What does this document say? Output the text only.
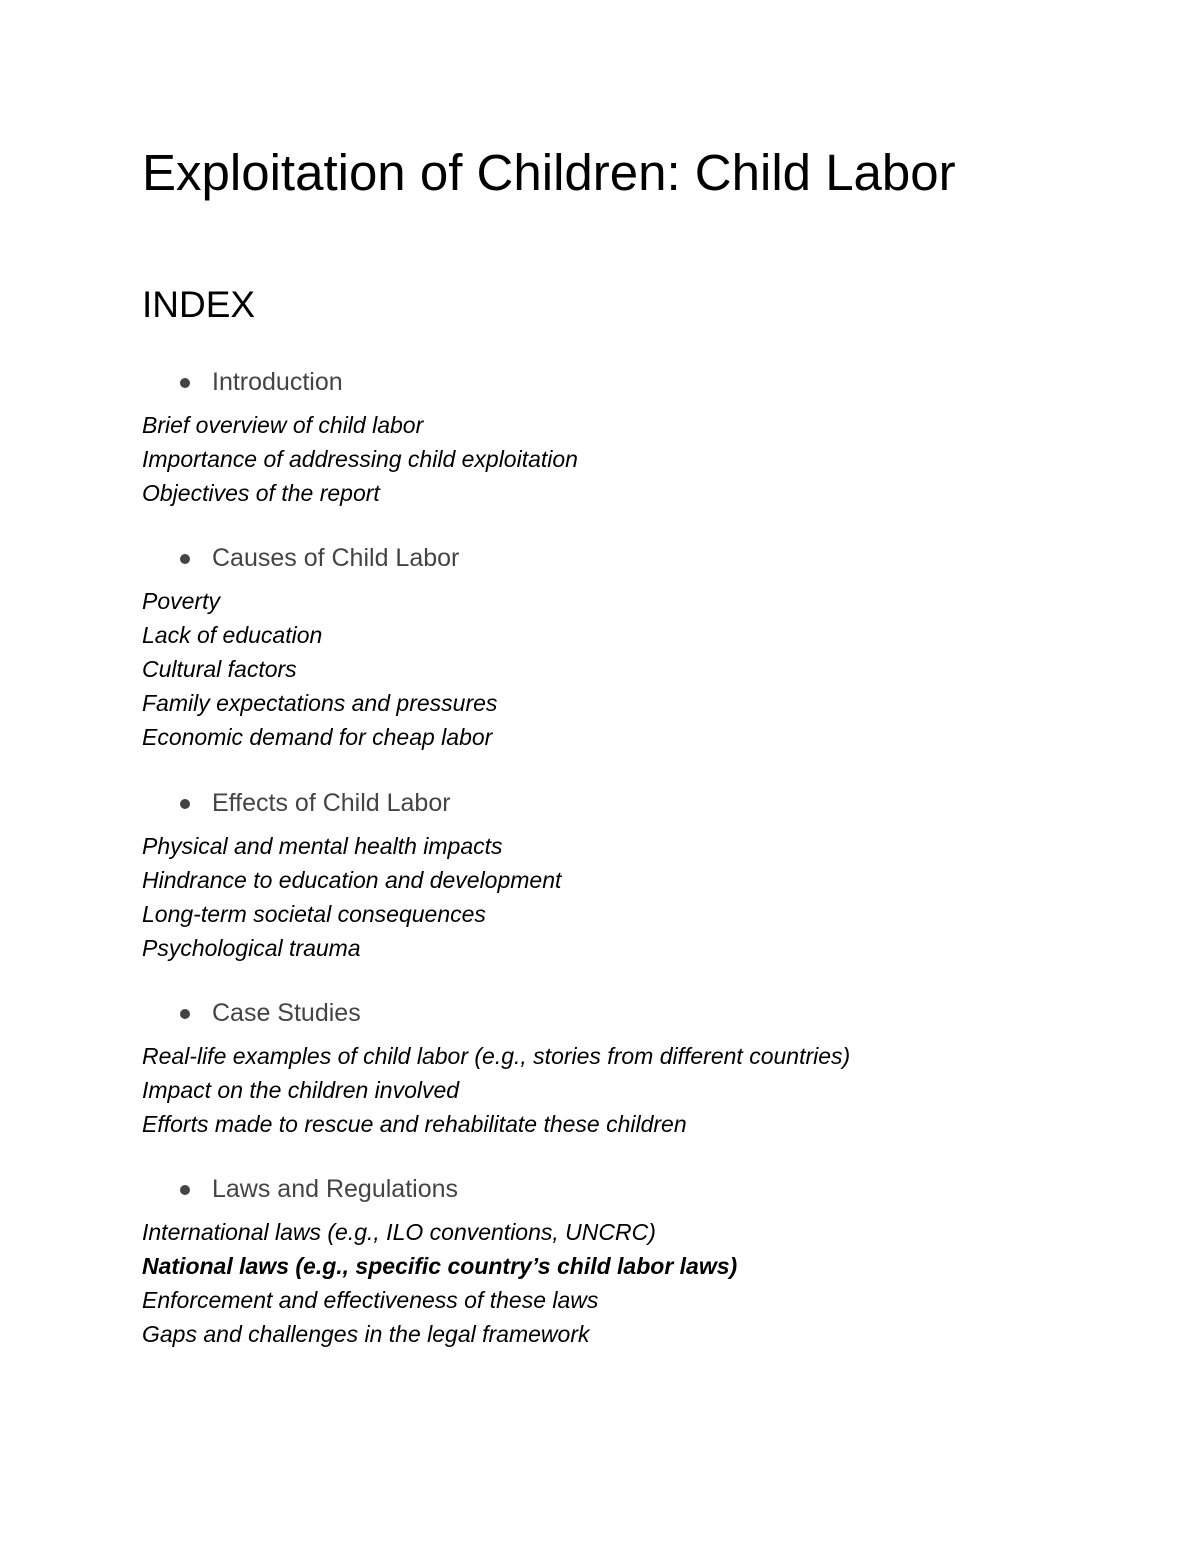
Exploitation of Children: Child Labor
INDEX
Introduction
Brief overview of child labor
Importance of addressing child exploitation
Objectives of the report
Causes of Child Labor
Poverty
Lack of education
Cultural factors
Family expectations and pressures
Economic demand for cheap labor
Effects of Child Labor
Physical and mental health impacts
Hindrance to education and development
Long-term societal consequences
Psychological trauma
Case Studies
Real-life examples of child labor (e.g., stories from different countries)
Impact on the children involved
Efforts made to rescue and rehabilitate these children
Laws and Regulations
International laws (e.g., ILO conventions, UNCRC)
National laws (e.g., specific country’s child labor laws)
Enforcement and effectiveness of these laws
Gaps and challenges in the legal framework
